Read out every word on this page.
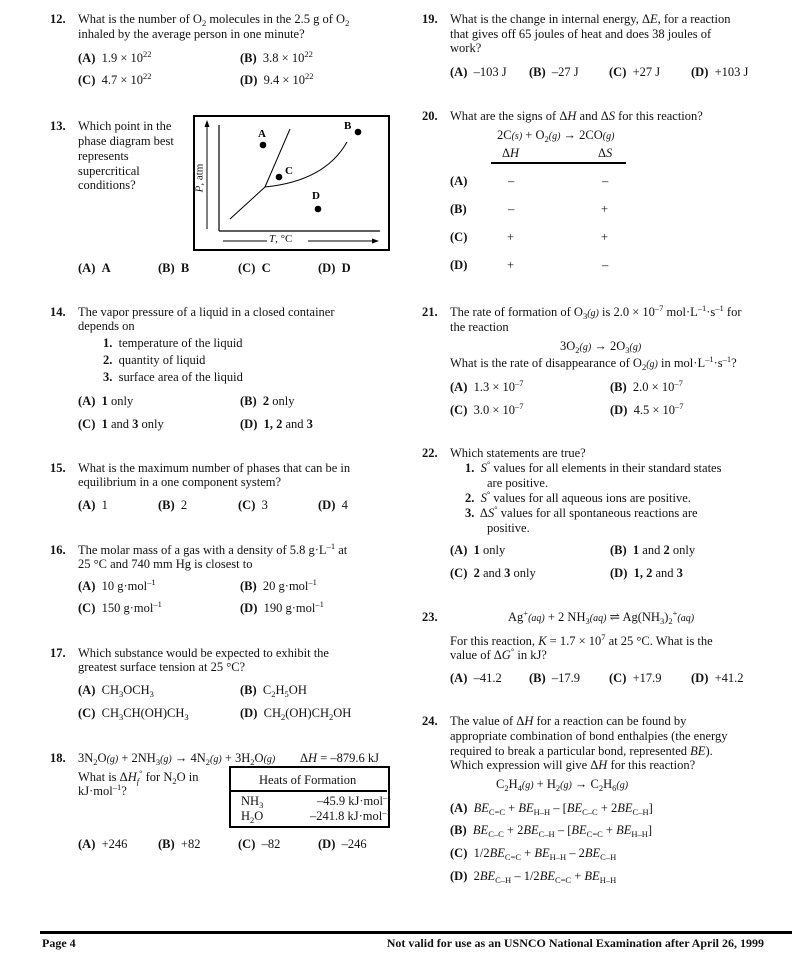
12. What is the number of $O_2$ molecules in the 2.5 g of $O_2$
inhaled by the average person in one minute?
(A) $1.9 \times 10^{22}$	(B) $3.8 \times 10^{22}$
(C) $4.7 \times 10^{22}$	(D) $9.4 \times 10^{22}$
13. Which point in the
phase diagram best
represents
supercritical
conditions?
A
B
C
D
T, °C
P, atm
(A) A	(B) B	(C) C	(D) D
14. The vapor pressure of a liquid in a closed container
depends on
1. temperature of the liquid
2. quantity of liquid
3. surface area of the liquid
(A) 1 only	(B) 2 only
(C) 1 and 3 only	(D) 1, 2 and 3
15. What is the maximum number of phases that can be in
equilibrium in a one component system?
(A) 1	(B) 2	(C) 3	(D) 4
16. The molar mass of a gas with a density of 5.8 $g\cdot L^{-1}$ at
25 °C and 740 mm Hg is closest to
(A) 10 g·mol$^{-1}$	(B) 20 g·mol$^{-1}$
(C) 150 g·mol$^{-1}$	(D) 190 g·mol$^{-1}$
17. Which substance would be expected to exhibit the
greatest surface tension at 25 °C?
(A)  $CH_3OCH_3$	(B)  $C_2H_5OH$
(C)  $CH_3CH(OH)CH_3$	(D)  $CH_2(OH)CH_2OH$
18. $3N_2O(g) + 2NH_3(g) \to 4N_2(g) + 3H_2O(g) \Delta H = -879.6$ kJ
What is $\Delta H_f^\circ$ for $N_2O$ in
kJ·mol$^{-1}$?
Heats of Formation
$NH_3$	–45.9 kJ·mol$^{-1}$
$H_2O$	–241.8 kJ·mol$^{-1}$
(A) +246 (B) +82	(C) –82	(D) –246
19. What is the change in internal energy, ΔE, for a reaction
that gives off 65 joules of heat and does 38 joules of
work?
(A) –103 J (B) –27 J (C) +27 J (D) +103 J
20. What are the signs of ΔH and ΔS for this reaction?
$2C(s) + O_2(g) \to 2CO(g)$
ΔH	ΔS
(A)	–	–
(B)	–	+
(C)	+	+
(D)	+	–
21. The rate of formation of $O_3(g)$ is $2.0 \times 10^{-7}$ $mol\cdot L^{-1}\cdot s^{-1}$ for
the reaction
$3O_2(g) \to 2O_3(g)$
What is the rate of disappearance of $O_2(g)$ in $mol\cdot L^{-1}\cdot s^{-1}$?
(A) $1.3 \times 10^{-7}$	(B) $2.0 \times 10^{-7}$
(C) $3.0 \times 10^{-7}$	(D) $4.5 \times 10^{-7}$
22. Which statements are true?
1. S° values for all elements in their standard states
are positive.
2. S° values for all aqueous ions are positive.
3.  ΔS° values for all spontaneous reactions are
positive.
(A) 1 only	(B) 1 and 2 only
(C) 2 and 3 only	(D) 1, 2 and 3
23.	Ag+(aq) + 2 $NH_3(aq)$ ⇌ $Ag(NH_3)_2^+(aq)$
For this reaction, $K = 1.7 \times 10^7$ at 25 °C. What is the
value of ΔG° in kJ?
(A) –41.2 (B) –17.9 (C) +17.9 (D) +41.2
24. The value of ΔH for a reaction can be found by
appropriate combination of bond enthalpies (the energy
required to break a particular bond, represented BE).
Which expression will give ΔH for this reaction?
$C_2H_4(g) + H_2(g) \to C_2H_6(g)$
(A) $BE_{C=C} + BE_{H-H} - [BE_{C-C} + 2BE_{C-H}]$
(B) $BE_{C-C} + 2BE_{C-H} - [BE_{C=C} + BE_{H-H}]$
(C)  $1/2BE_{C=C} + BE_{H-H} - 2BE_{C-H}$
(D)  $2BE_{C-H} - 1/2BE_{C=C} + BE_{H-H}$
Page 4	Not valid for use as an USNCO National Examination after April 26, 1999
